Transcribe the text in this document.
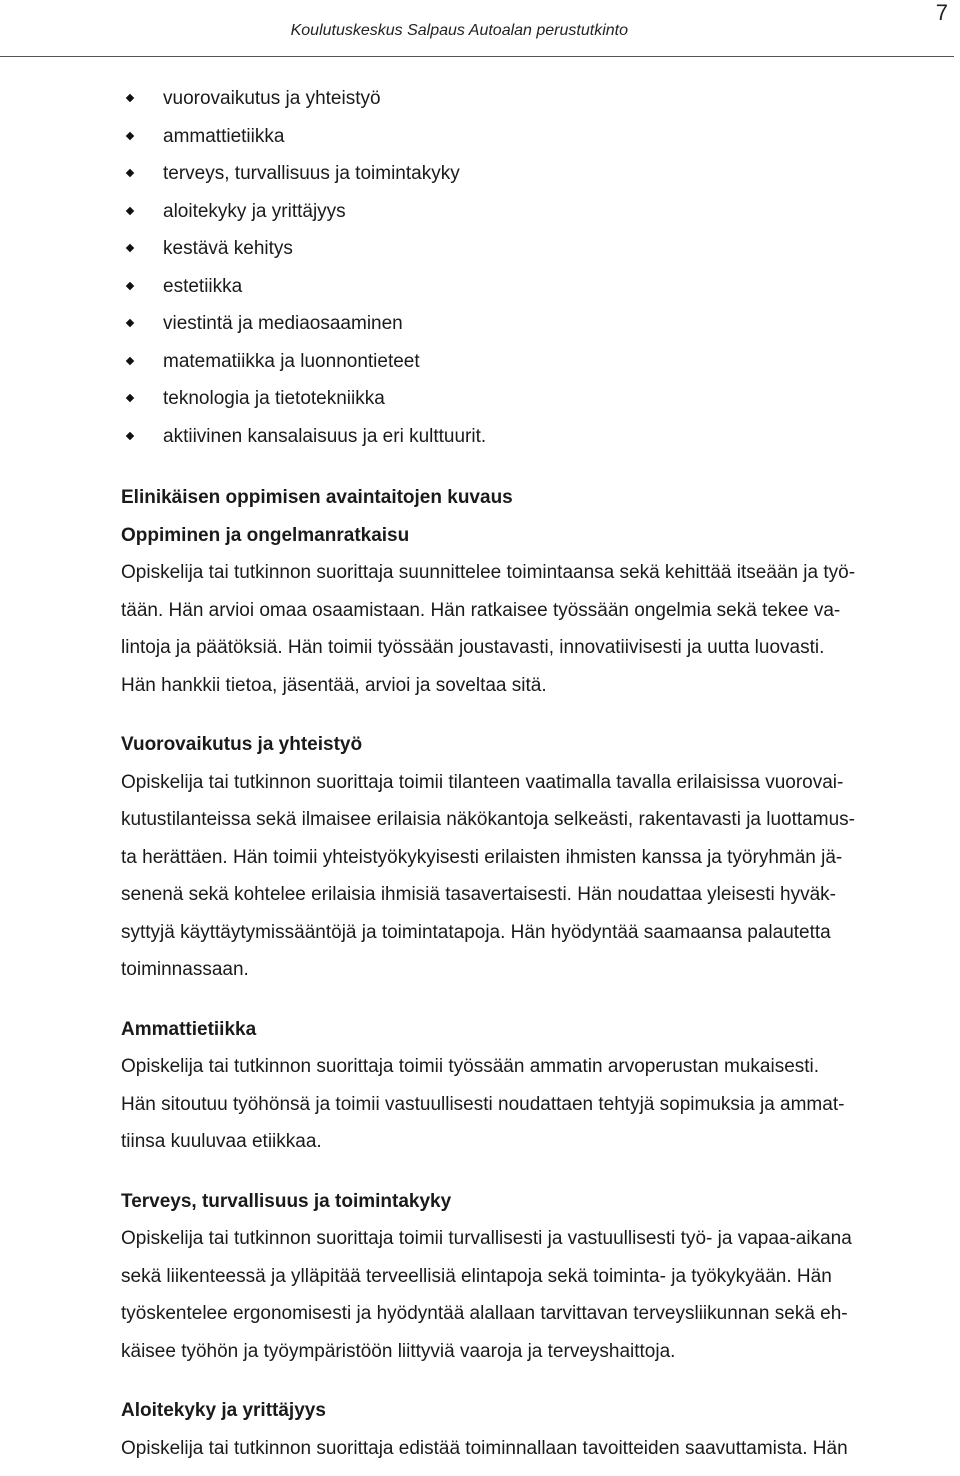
7
Koulutuskeskus Salpaus Autoalan perustutkinto
vuorovaikutus ja yhteistyö
ammattietiikka
terveys, turvallisuus ja toimintakyky
aloitekyky ja yrittäjyys
kestävä kehitys
estetiikka
viestintä ja mediaosaaminen
matematiikka ja luonnontieteet
teknologia ja tietotekniikka
aktiivinen kansalaisuus ja eri kulttuurit.
Elinikäisen oppimisen avaintaitojen kuvaus
Oppiminen ja ongelmanratkaisu

Opiskelija tai tutkinnon suorittaja suunnittelee toimintaansa sekä kehittää itseään ja työ-

tään. Hän arvioi omaa osaamistaan. Hän ratkaisee työssään ongelmia sekä tekee va-

lintoja ja päätöksiä. Hän toimii työssään joustavasti, innovatiivisesti ja uutta luovasti.

Hän hankkii tietoa, jäsentää, arvioi ja soveltaa sitä.

Vuorovaikutus ja yhteistyö

Opiskelija tai tutkinnon suorittaja toimii tilanteen vaatimalla tavalla erilaisissa vuorovai-

kutustilanteissa sekä ilmaisee erilaisia näkökantoja selkeästi, rakentavasti ja luottamus-

ta herättäen. Hän toimii yhteistyökykyisesti erilaisten ihmisten kanssa ja työryhmän jä-

senenä sekä kohtelee erilaisia ihmisiä tasavertaisesti. Hän noudattaa yleisesti hyväk-

syttyjä käyttäytymissääntöjä ja toimintatapoja. Hän hyödyntää saamaansa palautetta

toiminnassaan.

Ammattietiikka

Opiskelija tai tutkinnon suorittaja toimii työssään ammatin arvoperustan mukaisesti.

Hän sitoutuu työhönsä ja toimii vastuullisesti noudattaen tehtyjä sopimuksia ja ammat-

tiinsa kuuluvaa etiikkaa.

Terveys, turvallisuus ja toimintakyky

Opiskelija tai tutkinnon suorittaja toimii turvallisesti ja vastuullisesti työ- ja vapaa-aikana

sekä liikenteessä ja ylläpitää terveellisiä elintapoja sekä toiminta- ja työkykyään. Hän

työskentelee ergonomisesti ja hyödyntää alallaan tarvittavan terveysliikunnan sekä eh-

käisee työhön ja työympäristöön liittyviä vaaroja ja terveyshaittoja.

Aloitekyky ja yrittäjyys

Opiskelija tai tutkinnon suorittaja edistää toiminnallaan tavoitteiden saavuttamista. Hän
